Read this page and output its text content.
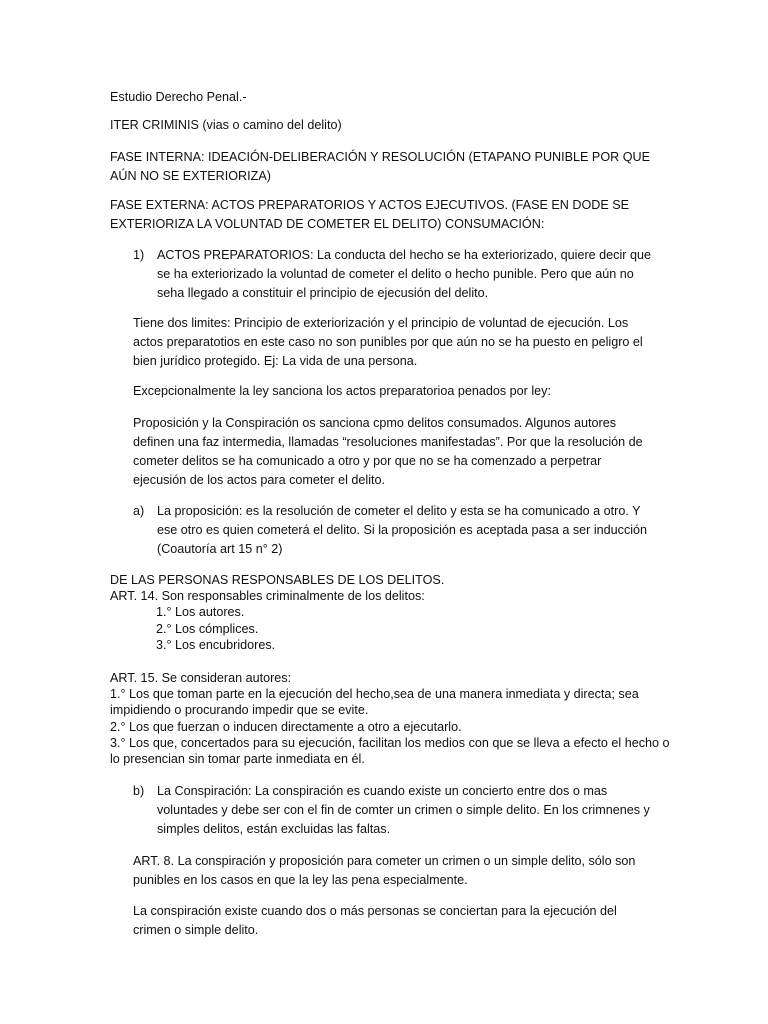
Estudio Derecho Penal.-

ITER CRIMINIS (vias o camino del delito)

FASE INTERNA: IDEACIÓN-DELIBERACIÓN Y RESOLUCIÓN (ETAPANO PUNIBLE POR QUE AÚN NO SE EXTERIORIZA)

FASE EXTERNA: ACTOS PREPARATORIOS Y ACTOS EJECUTIVOS. (FASE EN DODE SE EXTERIORIZA LA VOLUNTAD DE COMETER EL DELITO) CONSUMACIÓN:

1) ACTOS PREPARATORIOS: La conducta del hecho se ha exteriorizado, quiere decir que se ha exteriorizado la voluntad de cometer el delito o hecho punible. Pero que aún no seha llegado a constituir el principio de ejecusión del delito.

Tiene dos limites: Principio de exteriorización y el principio de voluntad de ejecución. Los actos preparatotios en este caso no son punibles por que aún no se ha puesto en peligro el bien jurídico protegido. Ej: La vida de una persona.

Excepcionalmente la ley sanciona los actos preparatorioa penados por ley:

Proposición y la Conspiración os sanciona cpmo delitos consumados. Algunos autores definen una faz intermedia, llamadas “resoluciones manifestadas”. Por que la resolución de cometer delitos se ha comunicado a otro y por que no se ha comenzado a perpetrar ejecusión de los actos para cometer el delito.

a) La proposición: es la resolución de cometer el delito y esta se ha comunicado a otro. Y ese otro es quien cometerá el delito. Si la proposición es aceptada pasa a ser inducción (Coautoría art 15 n° 2)
DE LAS PERSONAS RESPONSABLES DE LOS DELITOS.
ART. 14. Son responsables criminalmente de los delitos:
1.° Los autores.
2.° Los cómplices.
3.° Los encubridores.
ART. 15. Se consideran autores:
1.° Los que toman parte en la ejecución del hecho,sea de una manera inmediata y directa; sea impidiendo o procurando impedir que se evite.
2.° Los que fuerzan o inducen directamente a otro a ejecutarlo.
3.° Los que, concertados para su ejecución, facilitan los medios con que se lleva a efecto el hecho o lo presencian sin tomar parte inmediata en él.
b) La Conspiración: La conspiración es cuando existe un concierto entre dos o mas voluntades y debe ser con el fin de comter un crimen o simple delito. En los crimnenes y simples delitos, están excluidas las faltas.

ART. 8. La conspiración y proposición para cometer un crimen o un simple delito, sólo son punibles en los casos en que la ley las pena especialmente.

La conspiración existe cuando dos o más personas se conciertan para la ejecución del crimen o simple delito.
